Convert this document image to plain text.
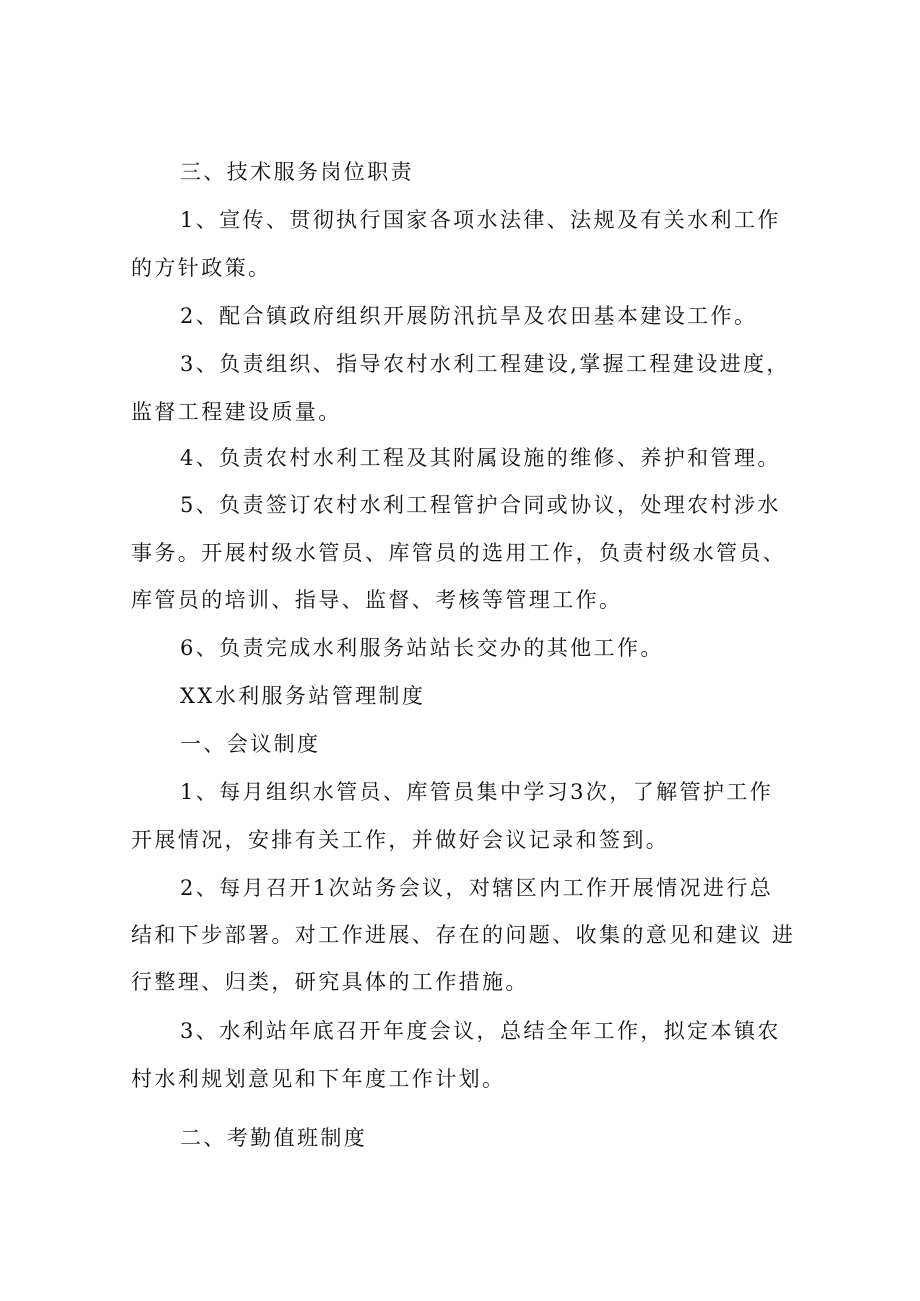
三、技术服务岗位职责

1、宣传、贯彻执行国家各项水法律、法规及有关水利工作

的方针政策。

2、配合镇政府组织开展防汛抗旱及农田基本建设工作。

3、负责组织、指导农村水利工程建设,掌握工程建设进度，

监督工程建设质量。

4、负责农村水利工程及其附属设施的维修、养护和管理。

5、负责签订农村水利工程管护合同或协议，处理农村涉水

事务。开展村级水管员、库管员的选用工作，负责村级水管员、

库管员的培训、指导、监督、考核等管理工作。

6、负责完成水利服务站站长交办的其他工作。

XX水利服务站管理制度

一、会议制度

1、每月组织水管员、库管员集中学习3次，了解管护工作

开展情况，安排有关工作，并做好会议记录和签到。

2、每月召开1次站务会议，对辖区内工作开展情况进行总

结和下步部署。对工作进展、存在的问题、收集的意见和建议 进

行整理、归类，研究具体的工作措施。

3、水利站年底召开年度会议，总结全年工作，拟定本镇农

村水利规划意见和下年度工作计划。

二、考勤值班制度
